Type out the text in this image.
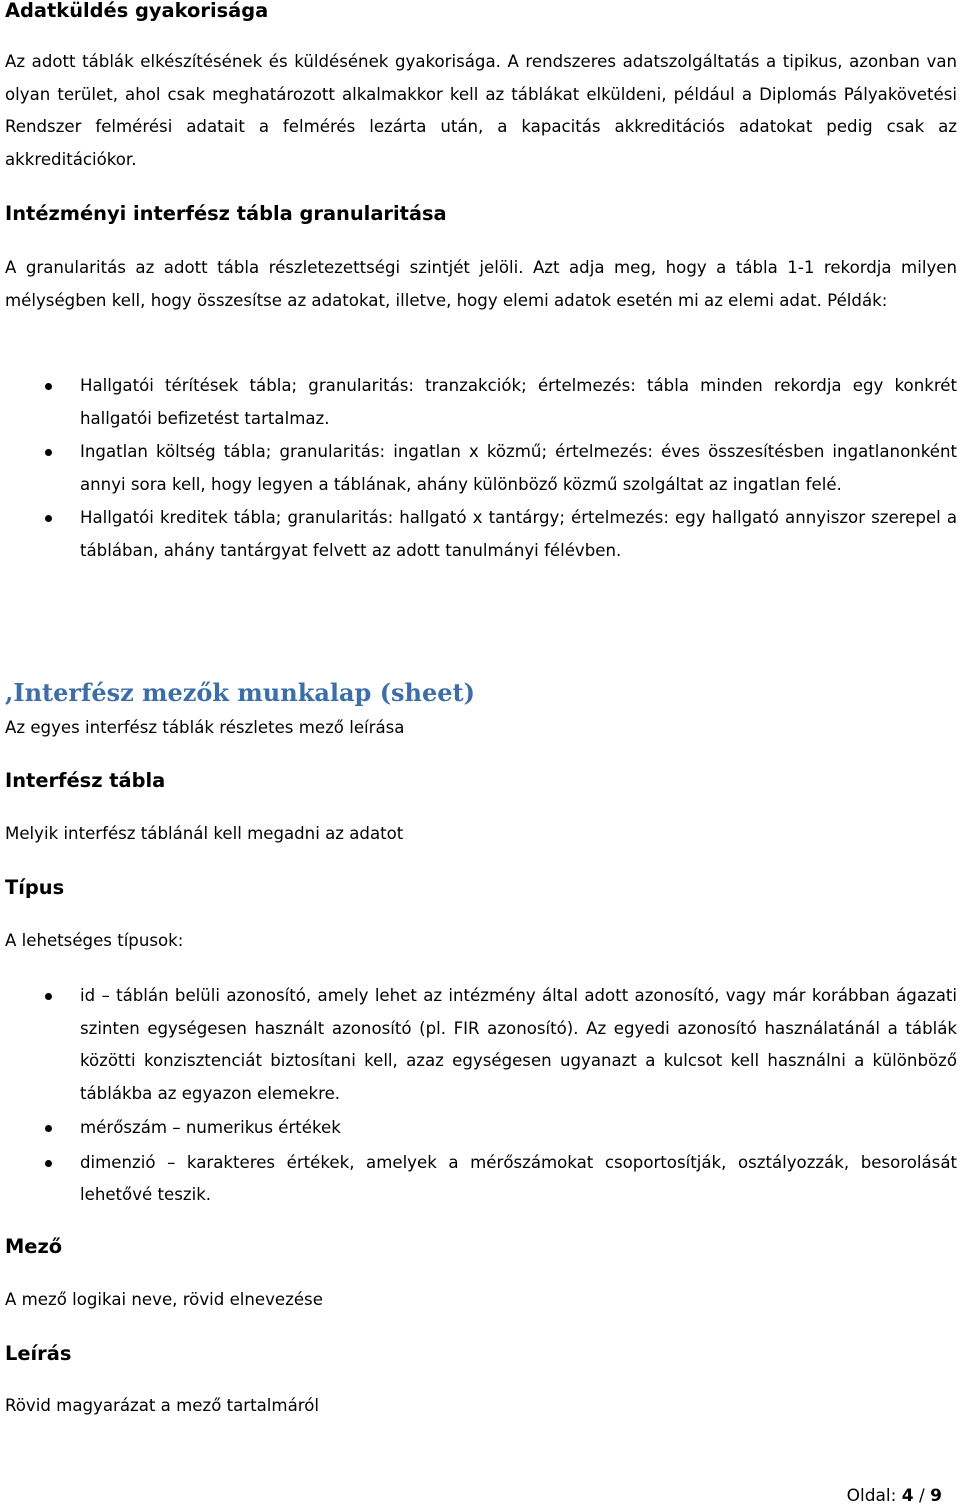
Adatküldés gyakorisága

Az adott táblák elkészítésének és küldésének gyakorisága. A rendszeres adatszolgáltatás a tipikus, azonban van olyan terület, ahol csak meghatározott alkalmakkor kell az táblákat elküldeni, például a Diplomás Pályakövetési Rendszer felmérési adatait a felmérés lezárta után, a kapacitás akkreditációs adatokat pedig csak az akkreditációkor.

Intézményi interfész tábla granularitása

A granularitás az adott tábla részletezettségi szintjét jelöli. Azt adja meg, hogy a tábla 1-1 rekordja milyen mélységben kell, hogy összesítse az adatokat, illetve, hogy elemi adatok esetén mi az elemi adat. Példák:

Hallgatói térítések tábla; granularitás: tranzakciók; értelmezés: tábla minden rekordja egy konkrét hallgatói befizetést tartalmaz.
Ingatlan költség tábla; granularitás: ingatlan x közmű; értelmezés: éves összesítésben ingatlanonként annyi sora kell, hogy legyen a táblának, ahány különböző közmű szolgáltat az ingatlan felé.
Hallgatói kreditek tábla; granularitás: hallgató x tantárgy; értelmezés: egy hallgató annyiszor szerepel a táblában, ahány tantárgyat felvett az adott tanulmányi félévben.
,Interfész mezők munkalap (sheet)

Az egyes interfész táblák részletes mező leírása

Interfész tábla

Melyik interfész táblánál kell megadni az adatot

Típus

A lehetséges típusok:

id – táblán belüli azonosító, amely lehet az intézmény által adott azonosító, vagy már korábban ágazati szinten egységesen használt azonosító (pl. FIR azonosító). Az egyedi azonosító használatánál a táblák közötti konzisztenciát biztosítani kell, azaz egységesen ugyanazt a kulcsot kell használni a különböző táblákba az egyazon elemekre.
mérőszám – numerikus értékek
dimenzió – karakteres értékek, amelyek a mérőszámokat csoportosítják, osztályozzák, besorolását lehetővé teszik.
Mező

A mező logikai neve, rövid elnevezése

Leírás

Rövid magyarázat a mező tartalmáról

Oldal: 4 / 9
